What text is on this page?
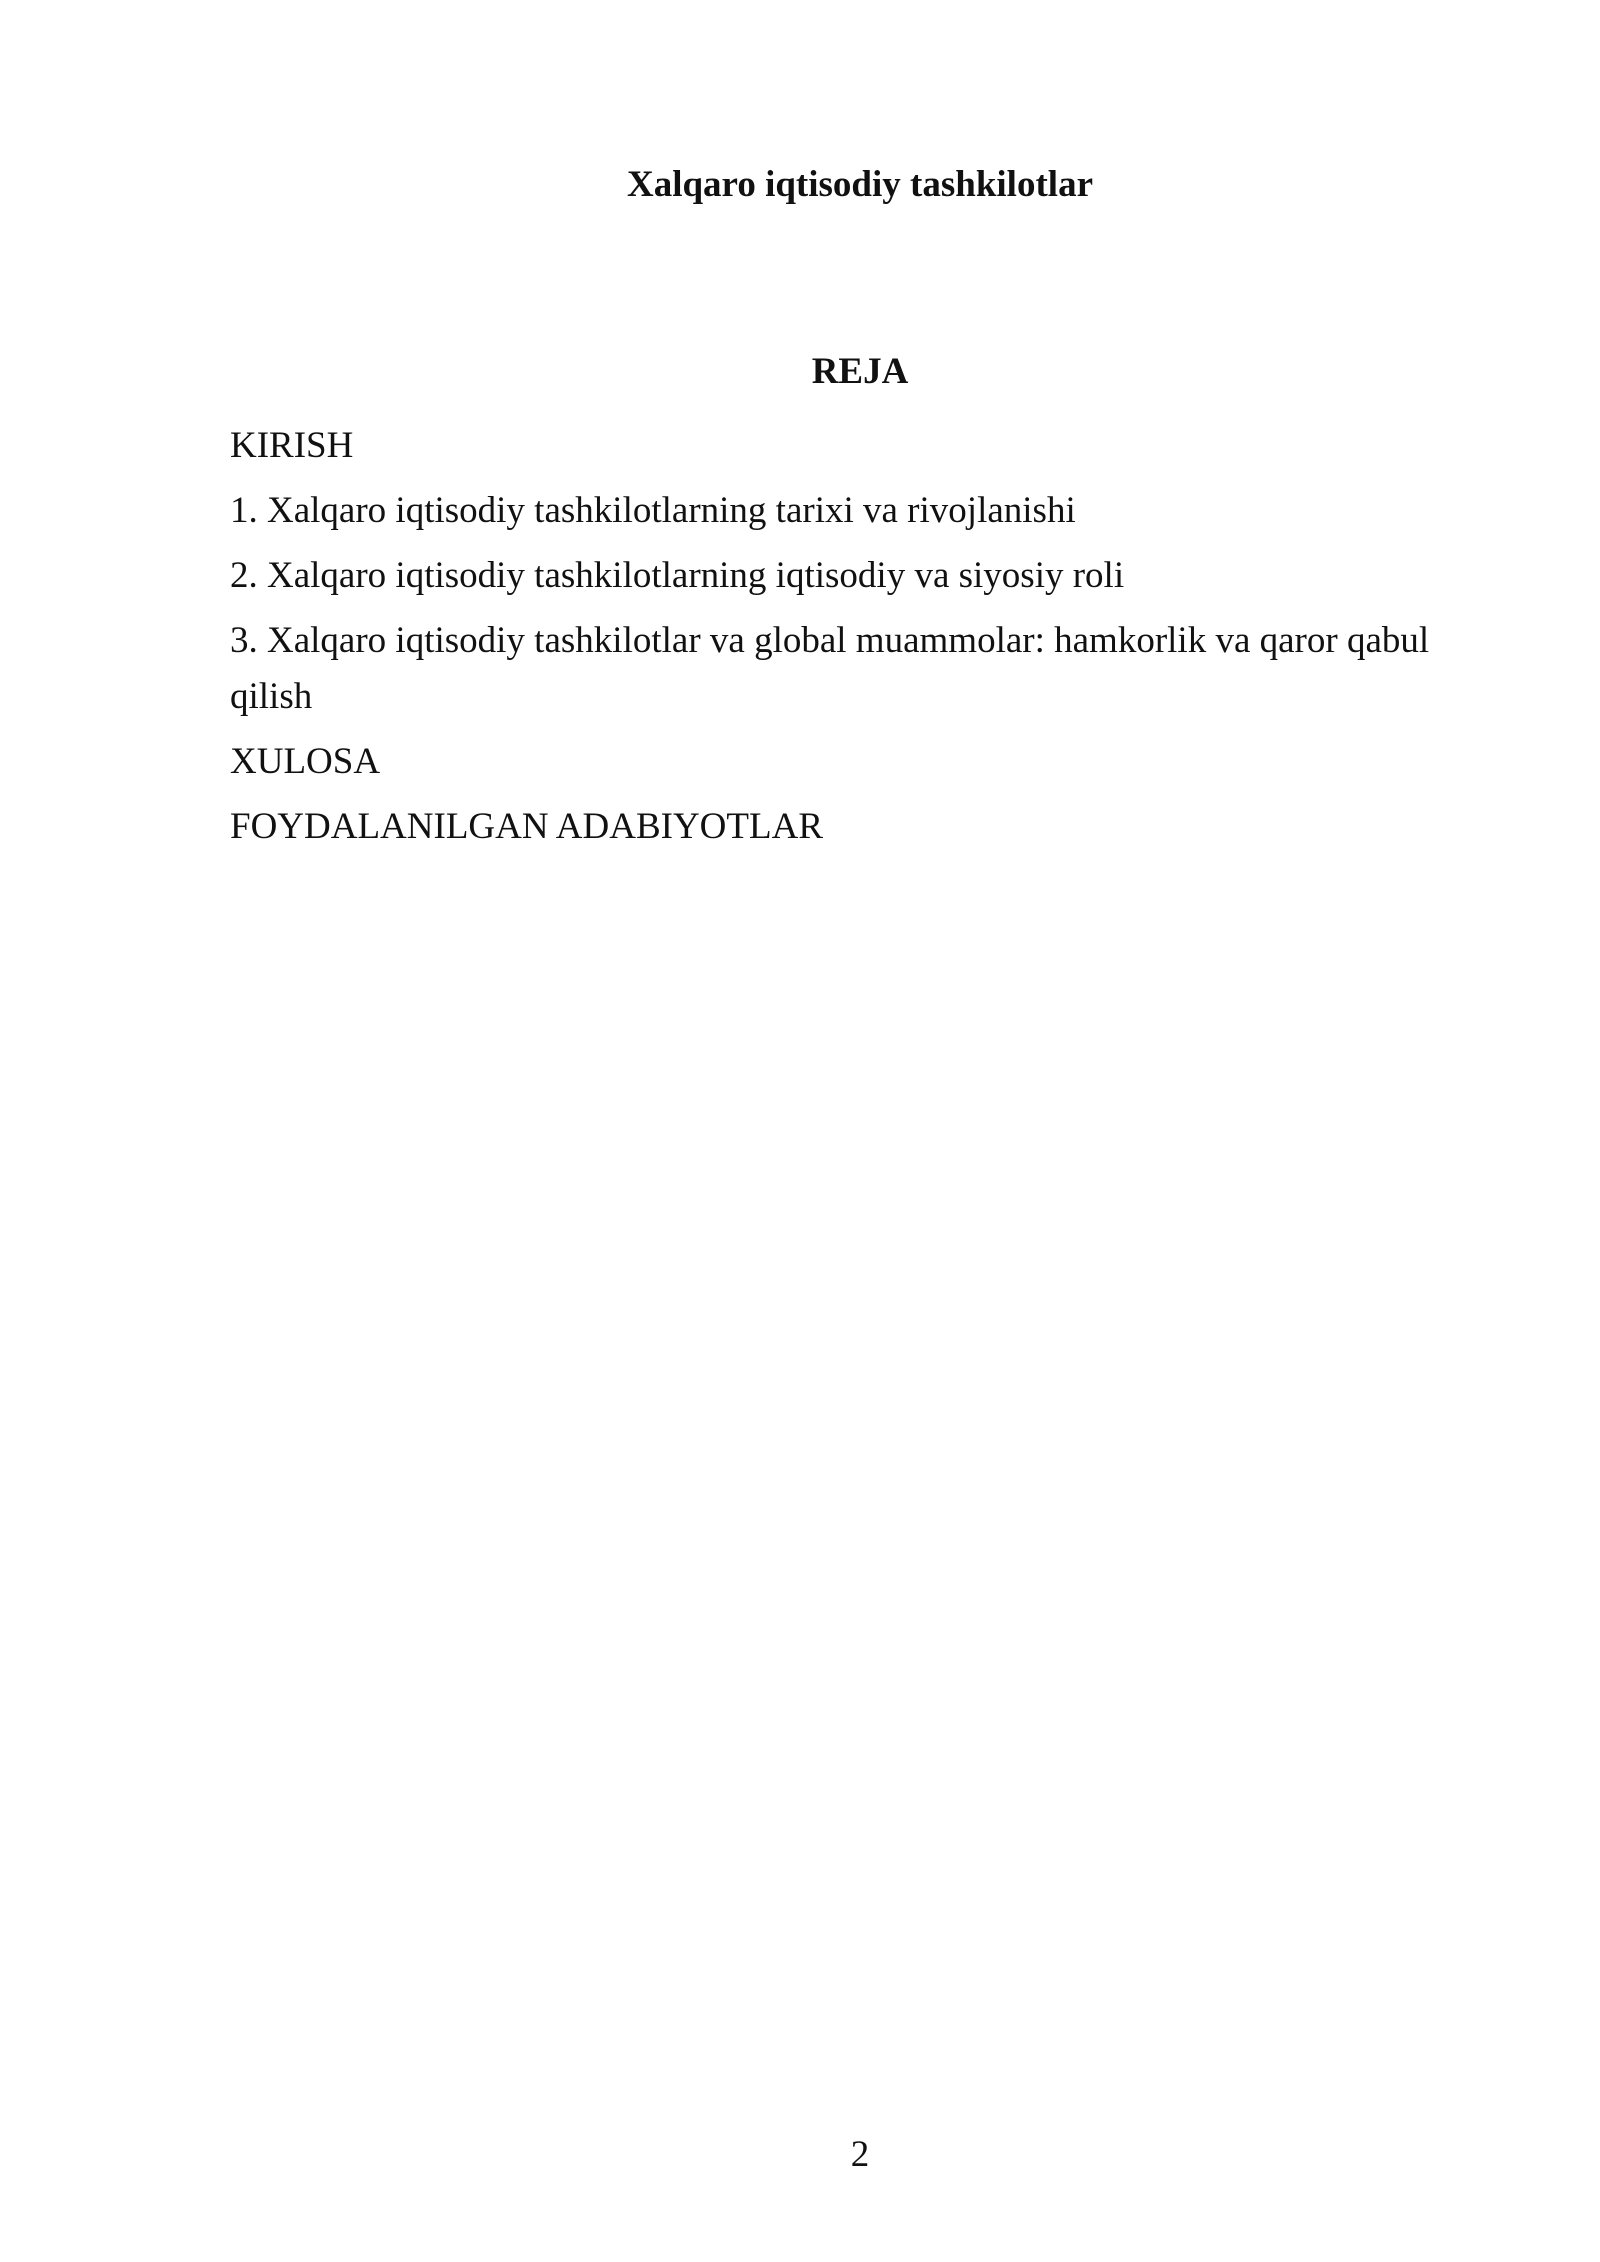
Xalqaro iqtisodiy tashkilotlar
REJA
KIRISH
1. Xalqaro iqtisodiy tashkilotlarning tarixi va rivojlanishi
2. Xalqaro iqtisodiy tashkilotlarning iqtisodiy va siyosiy roli
3. Xalqaro iqtisodiy tashkilotlar va global muammolar: hamkorlik va qaror qabul qilish
XULOSA
FOYDALANILGAN ADABIYOTLAR
2
